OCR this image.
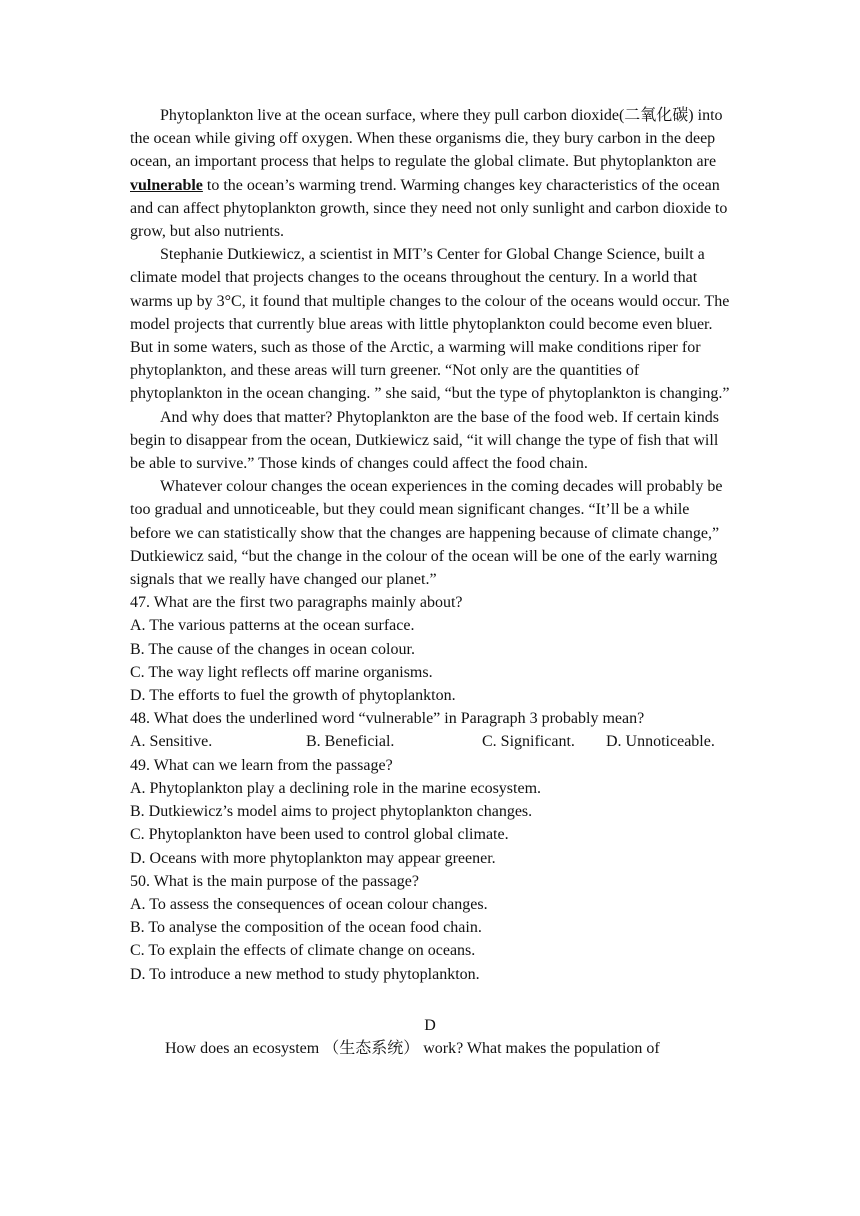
Phytoplankton live at the ocean surface, where they pull carbon dioxide(二氧化碳) into the ocean while giving off oxygen. When these organisms die, they bury carbon in the deep ocean, an important process that helps to regulate the global climate. But phytoplankton are vulnerable to the ocean’s warming trend. Warming changes key characteristics of the ocean and can affect phytoplankton growth, since they need not only sunlight and carbon dioxide to grow, but also nutrients.

Stephanie Dutkiewicz, a scientist in MIT’s Center for Global Change Science, built a climate model that projects changes to the oceans throughout the century. In a world that warms up by 3°C, it found that multiple changes to the colour of the oceans would occur. The model projects that currently blue areas with little phytoplankton could become even bluer. But in some waters, such as those of the Arctic, a warming will make conditions riper for phytoplankton, and these areas will turn greener. “Not only are the quantities of phytoplankton in the ocean changing. ” she said, “but the type of phytoplankton is changing.”

And why does that matter? Phytoplankton are the base of the food web. If certain kinds begin to disappear from the ocean, Dutkiewicz said, “it will change the type of fish that will be able to survive.” Those kinds of changes could affect the food chain.

Whatever colour changes the ocean experiences in the coming decades will probably be too gradual and unnoticeable, but they could mean significant changes. “It’ll be a while before we can statistically show that the changes are happening because of climate change,” Dutkiewicz said, “but the change in the colour of the ocean will be one of the early warning signals that we really have changed our planet.”

47. What are the first two paragraphs mainly about?

A. The various patterns at the ocean surface.

B. The cause of the changes in ocean colour.

C. The way light reflects off marine organisms.

D. The efforts to fuel the growth of phytoplankton.

48. What does the underlined word “vulnerable” in Paragraph 3 probably mean?

A. Sensitive.	B. Beneficial.	C. Significant.	D. Unnoticeable.

49. What can we learn from the passage?

A. Phytoplankton play a declining role in the marine ecosystem.

B. Dutkiewicz’s model aims to project phytoplankton changes.

C. Phytoplankton have been used to control global climate.

D. Oceans with more phytoplankton may appear greener.

50. What is the main purpose of the passage?

A. To assess the consequences of ocean colour changes.

B. To analyse the composition of the ocean food chain.

C. To explain the effects of climate change on oceans.

D. To introduce a new method to study phytoplankton.

D

How does an ecosystem （生态系统） work? What makes the population of
